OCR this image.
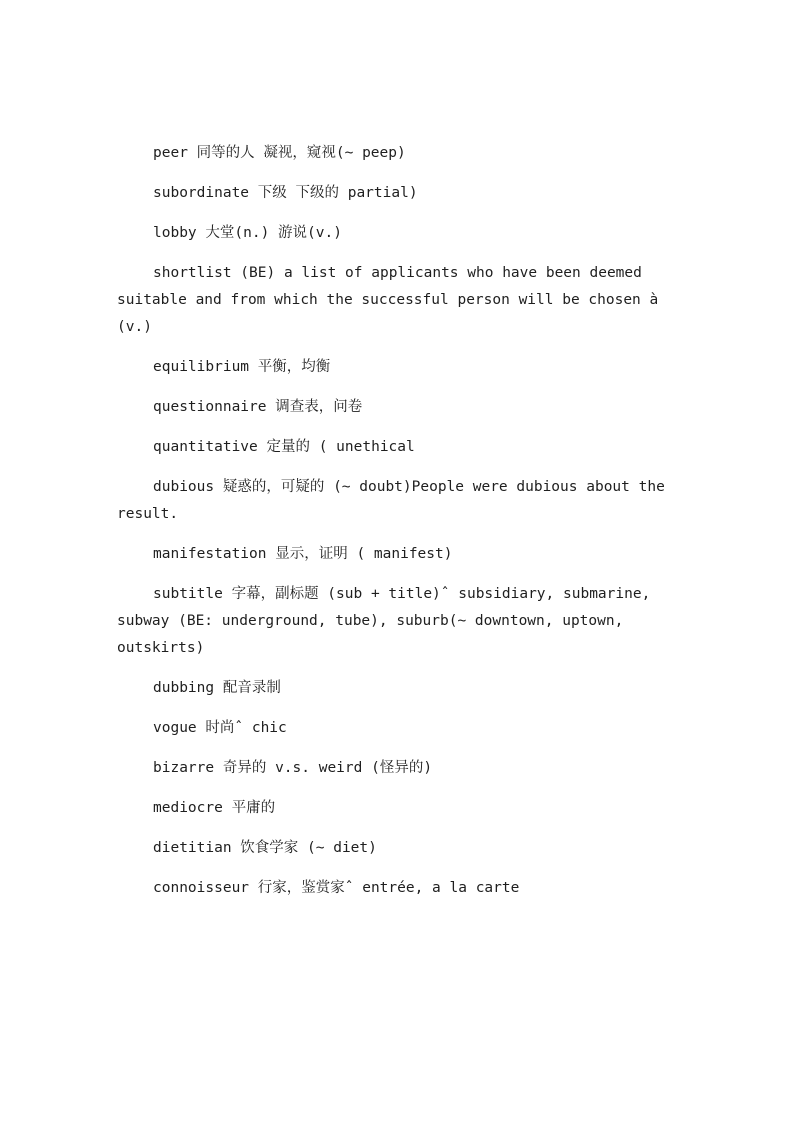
peer 同等的人 凝视，窥视(~ peep)

subordinate 下级 下级的 partial)

lobby 大堂(n.) 游说(v.)

shortlist (BE) a list of applicants who have been deemed suitable and from which the successful person will be chosen à (v.)

equilibrium 平衡，均衡

questionnaire 调查表，问卷

quantitative 定量的 ( unethical

dubious 疑惑的，可疑的 (~ doubt)People were dubious about the result.

manifestation 显示，证明 ( manifest)

subtitle 字幕，副标题 (sub + title)ˆ subsidiary, submarine, subway (BE: underground, tube), suburb(~ downtown, uptown, outskirts)

dubbing 配音录制

vogue 时尚ˆ chic

bizarre 奇异的 v.s. weird (怪异的)

mediocre 平庸的

dietitian 饮食学家 (~ diet)

connoisseur 行家，鉴赏家ˆ entrée, a la carte
